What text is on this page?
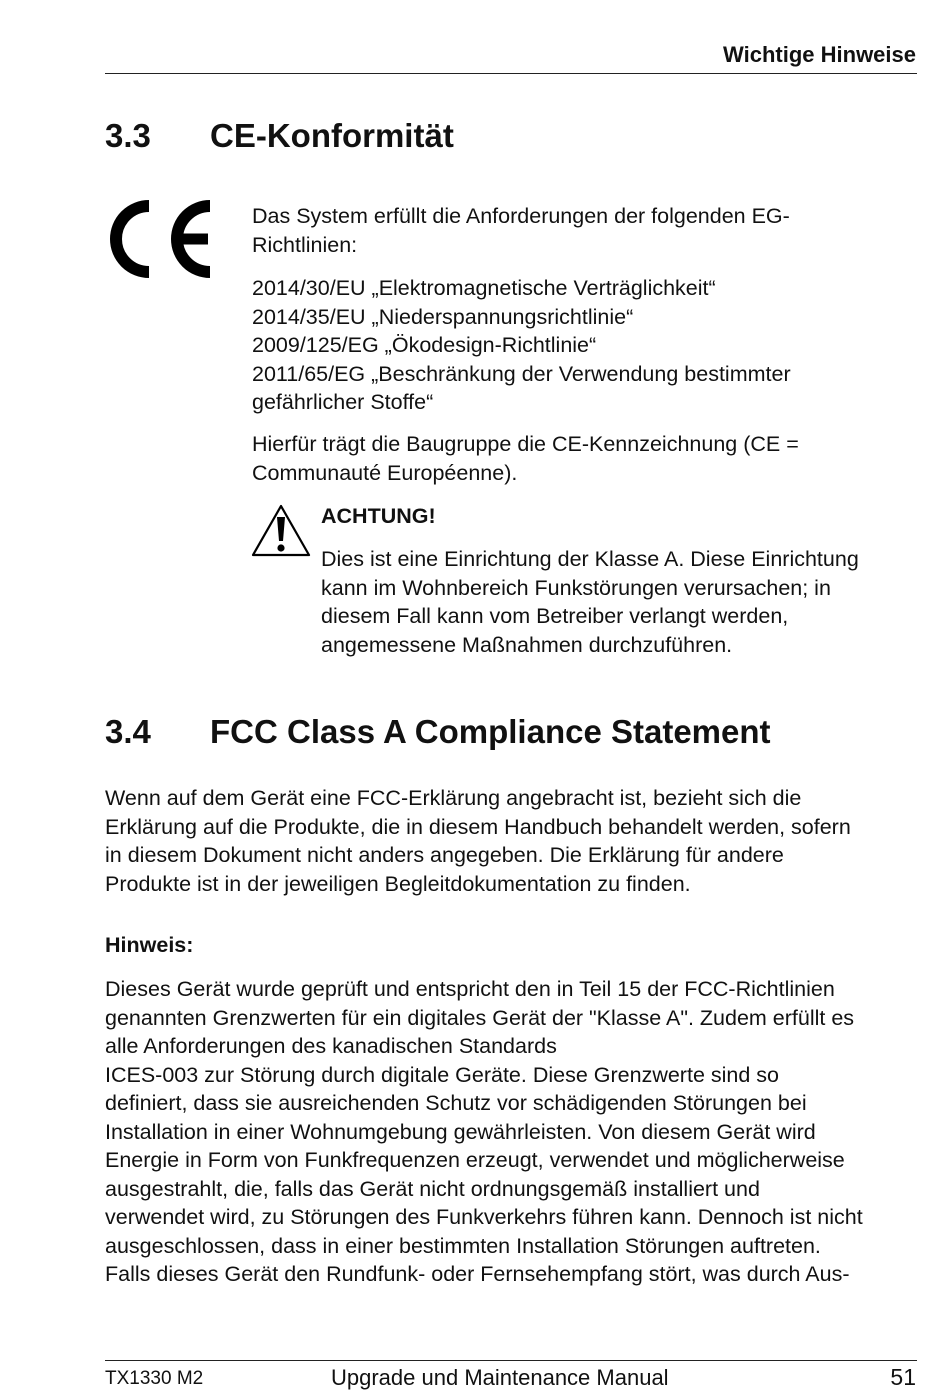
Wichtige Hinweise
3.3 CE-Konformität
Das System erfüllt die Anforderungen der folgenden EG-
Richtlinien:
2014/30/EU „Elektromagnetische Verträglichkeit“
2014/35/EU „Niederspannungsrichtlinie“
2009/125/EG „Ökodesign-Richtlinie“
2011/65/EG „Beschränkung der Verwendung bestimmter
gefährlicher Stoffe“
Hierfür trägt die Baugruppe die CE-Kennzeichnung (CE =
Communauté Européenne).
ACHTUNG!
Dies ist eine Einrichtung der Klasse A. Diese Einrichtung
kann im Wohnbereich Funkstörungen verursachen; in
diesem Fall kann vom Betreiber verlangt werden,
angemessene Maßnahmen durchzuführen.
3.4 FCC Class A Compliance Statement
Wenn auf dem Gerät eine FCC-Erklärung angebracht ist, bezieht sich die
Erklärung auf die Produkte, die in diesem Handbuch behandelt werden, sofern
in diesem Dokument nicht anders angegeben. Die Erklärung für andere
Produkte ist in der jeweiligen Begleitdokumentation zu finden.
Hinweis:
Dieses Gerät wurde geprüft und entspricht den in Teil 15 der FCC-Richtlinien
genannten Grenzwerten für ein digitales Gerät der "Klasse A". Zudem erfüllt es
alle Anforderungen des kanadischen Standards
ICES-003 zur Störung durch digitale Geräte. Diese Grenzwerte sind so
definiert, dass sie ausreichenden Schutz vor schädigenden Störungen bei
Installation in einer Wohnumgebung gewährleisten. Von diesem Gerät wird
Energie in Form von Funkfrequenzen erzeugt, verwendet und möglicherweise
ausgestrahlt, die, falls das Gerät nicht ordnungsgemäß installiert und
verwendet wird, zu Störungen des Funkverkehrs führen kann. Dennoch ist nicht
ausgeschlossen, dass in einer bestimmten Installation Störungen auftreten.
Falls dieses Gerät den Rundfunk- oder Fernsehempfang stört, was durch Aus-
TX1330 M2	Upgrade und Maintenance Manual	51
